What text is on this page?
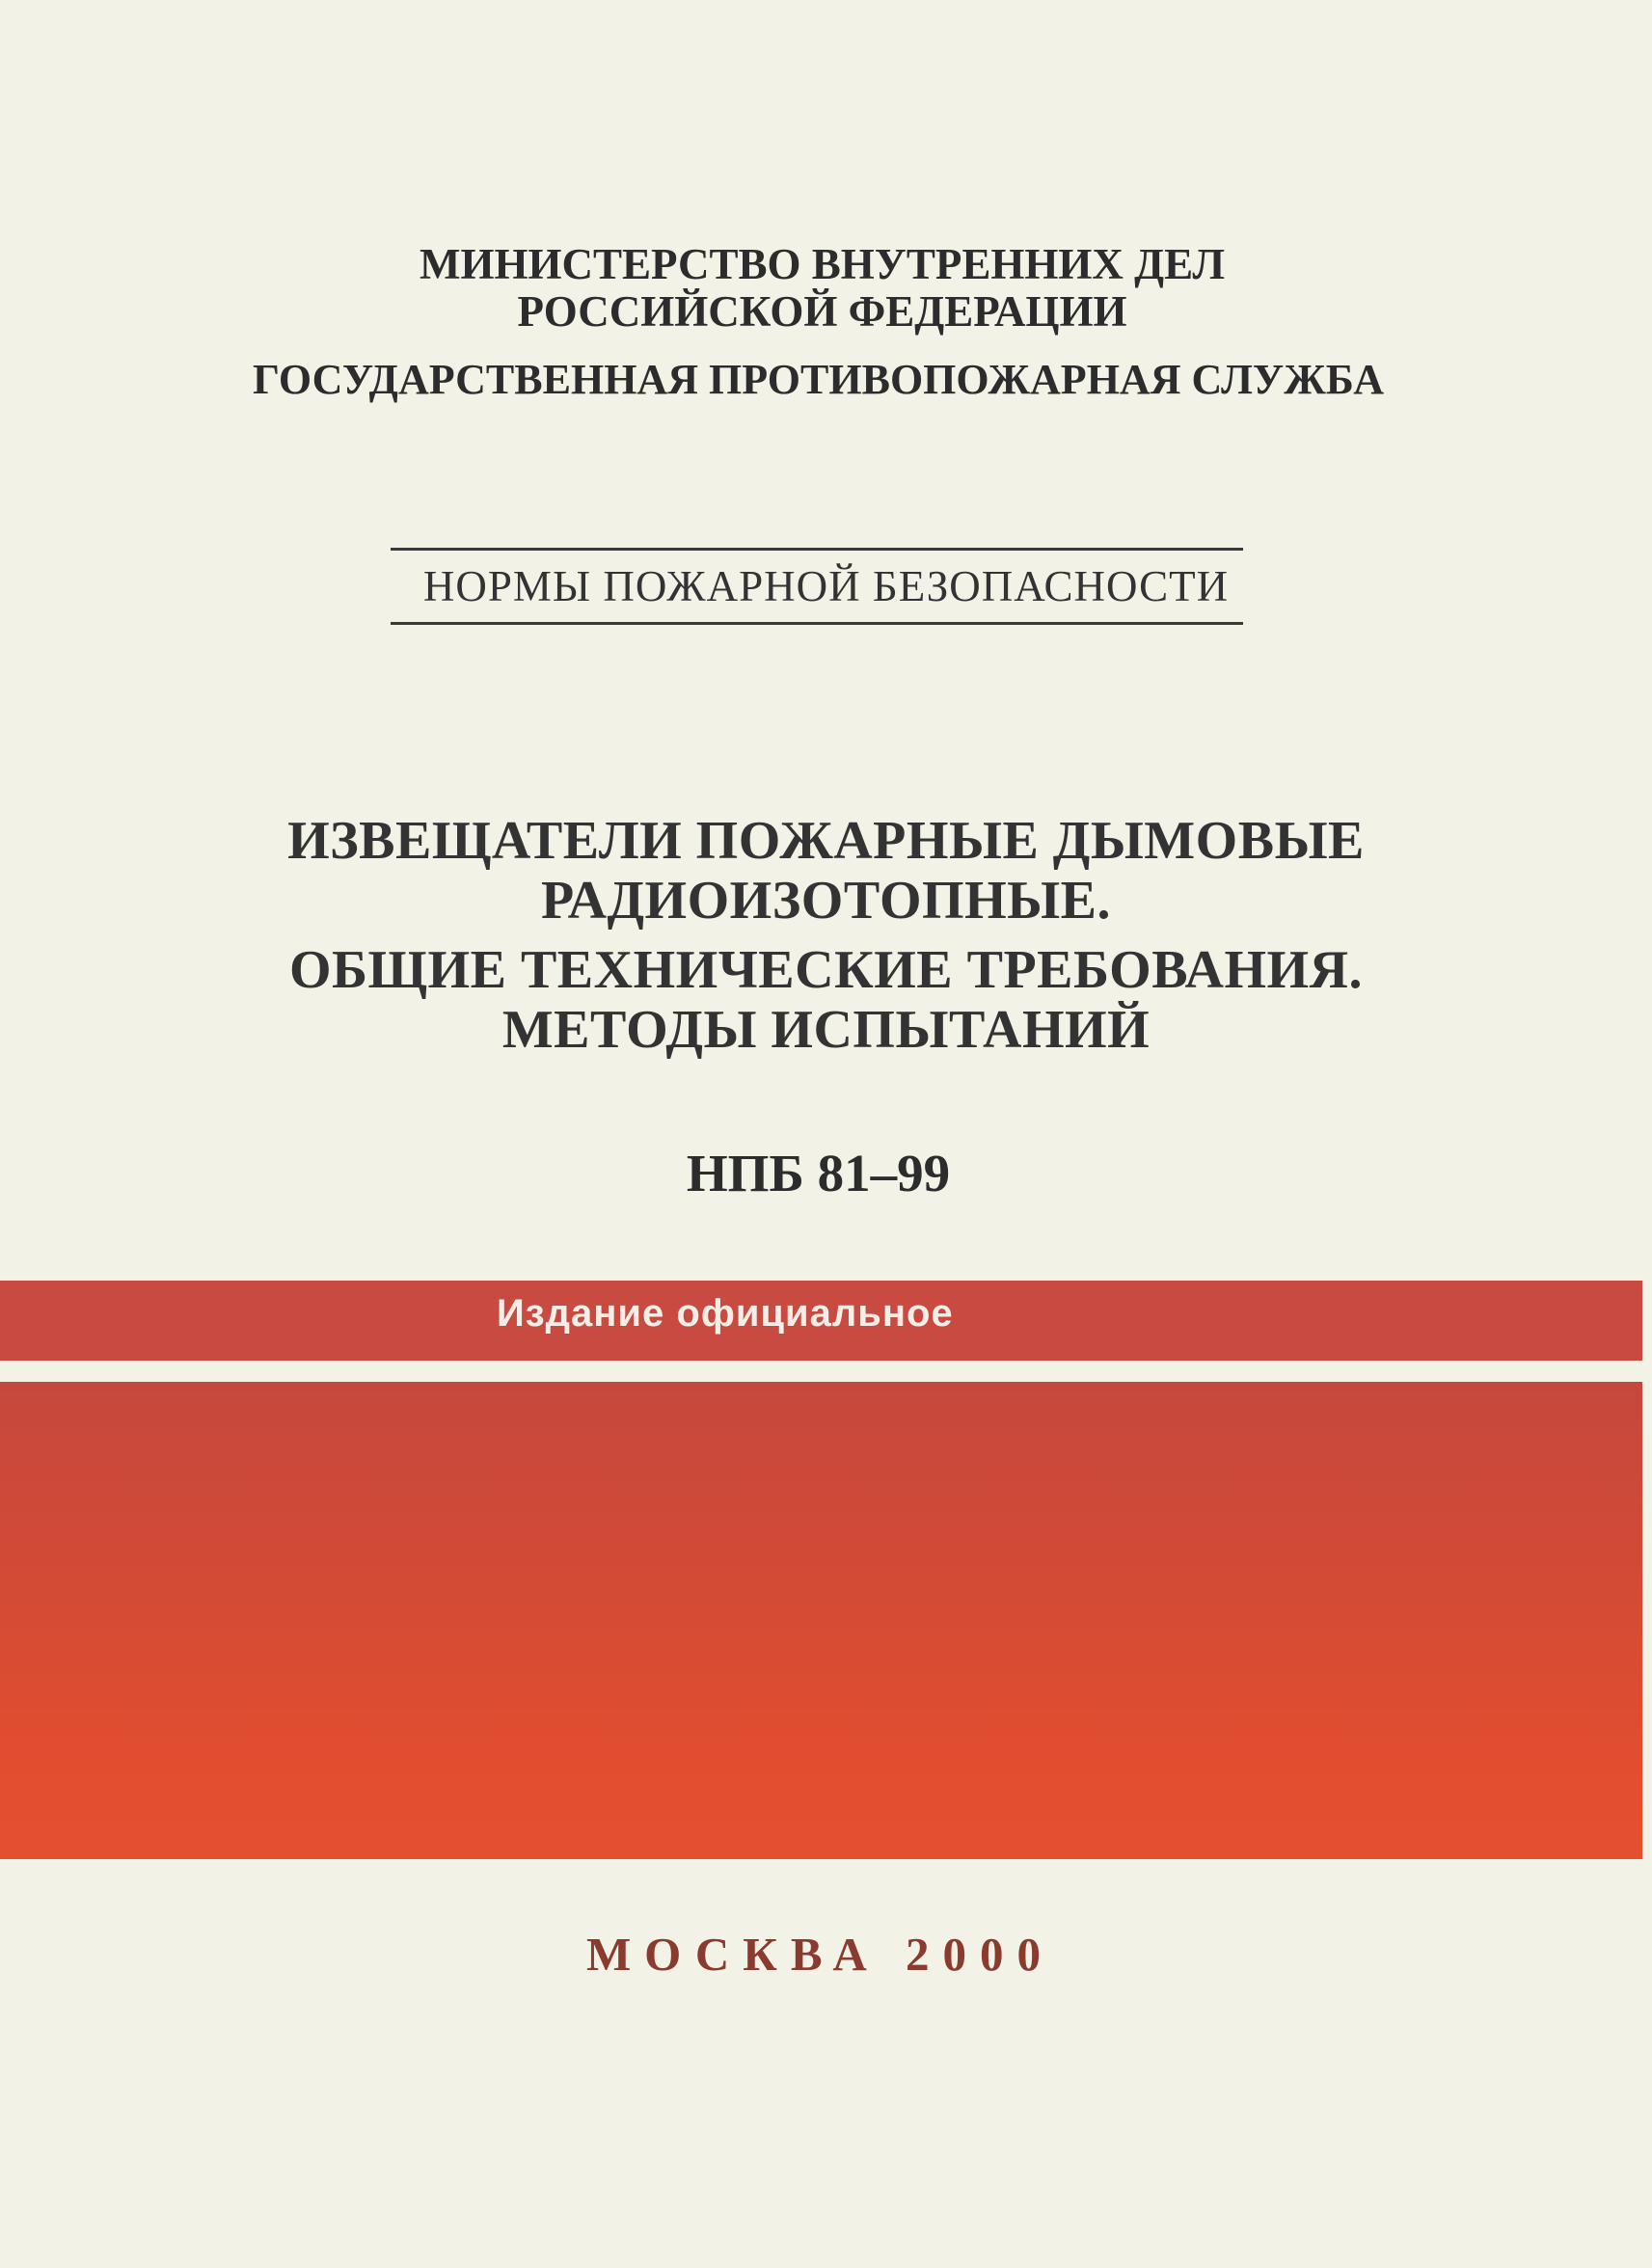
МИНИСТЕРСТВО ВНУТРЕННИХ ДЕЛ
РОССИЙСКОЙ ФЕДЕРАЦИИ
ГОСУДАРСТВЕННАЯ ПРОТИВОПОЖАРНАЯ СЛУЖБА
НОРМЫ ПОЖАРНОЙ БЕЗОПАСНОСТИ
ИЗВЕЩАТЕЛИ ПОЖАРНЫЕ ДЫМОВЫЕ
РАДИОИЗОТОПНЫЕ.
ОБЩИЕ ТЕХНИЧЕСКИЕ ТРЕБОВАНИЯ.
МЕТОДЫ ИСПЫТАНИЙ
НПБ 81–99
Издание официальное
МОСКВА 2000
